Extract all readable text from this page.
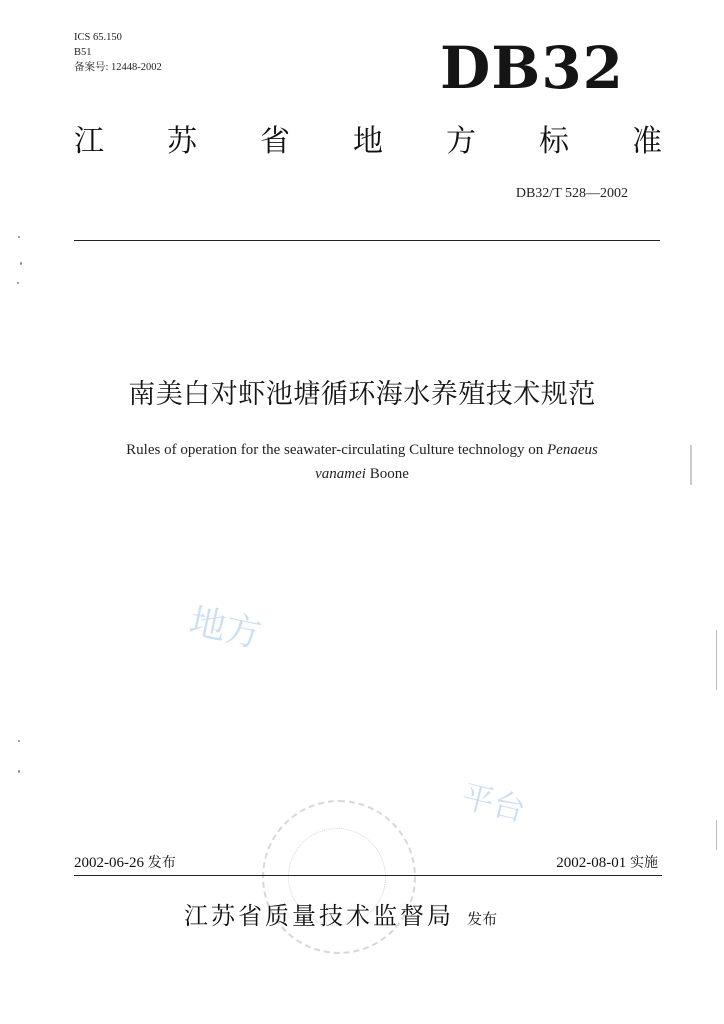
ICS 65.150
B51
备案号: 12448-2002	DB32
江 苏 省 地 方 标 准
DB32/T 528—2002
南美白对虾池塘循环海水养殖技术规范
Rules of operation for the seawater-circulating Culture technology on Penaeus
vanamei Boone
地方
平台
2002-06-26 发布	2002-08-01 实施
江苏省质量技术监督局 发布
